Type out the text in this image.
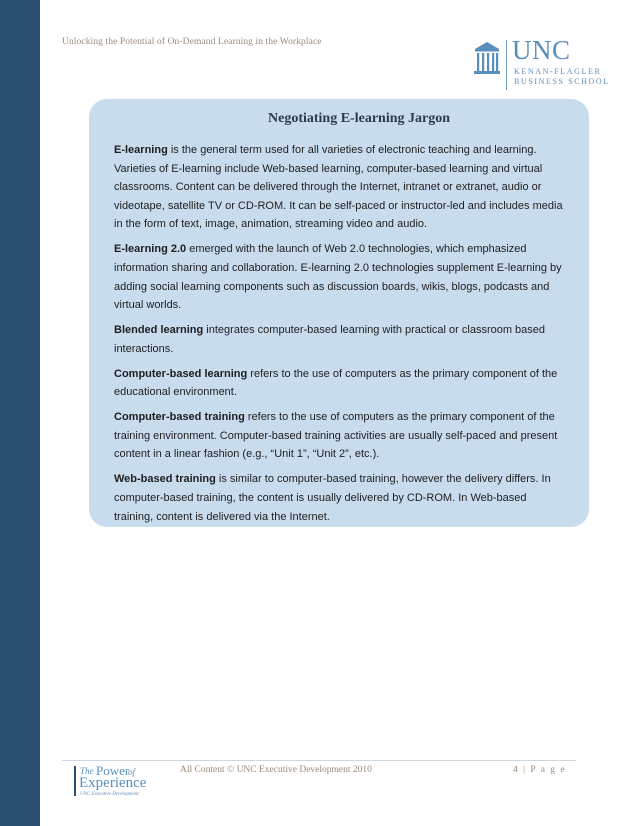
Unlocking the Potential of On-Demand Learning in the Workplace	UNC
KENAN-FLAGLER
BUSINESS SCHOOL
Negotiating E-learning Jargon

E-learning is the general term used for all varieties of electronic teaching and learning. Varieties of E-learning include Web-based learning, computer-based learning and virtual classrooms. Content can be delivered through the Internet, intranet or extranet, audio or videotape, satellite TV or CD-ROM. It can be self-paced or instructor-led and includes media in the form of text, image, animation, streaming video and audio.

E-learning 2.0 emerged with the launch of Web 2.0 technologies, which emphasized information sharing and collaboration. E-learning 2.0 technologies supplement E-learning by adding social learning components such as discussion boards, wikis, blogs, podcasts and virtual worlds.

Blended learning integrates computer-based learning with practical or classroom based interactions.

Computer-based learning refers to the use of computers as the primary component of the educational environment.

Computer-based training refers to the use of computers as the primary component of the training environment. Computer-based training activities are usually self-paced and present content in a linear fashion (e.g., “Unit 1”, “Unit 2”, etc.).

Web-based training is similar to computer-based training, however the delivery differs. In computer-based training, the content is usually delivered by CD-ROM. In Web-based training, content is delivered via the Internet.

The Power
of
Experience
UNC Executive Development
All Content © UNC Executive Development 2010	4 | P a g e
